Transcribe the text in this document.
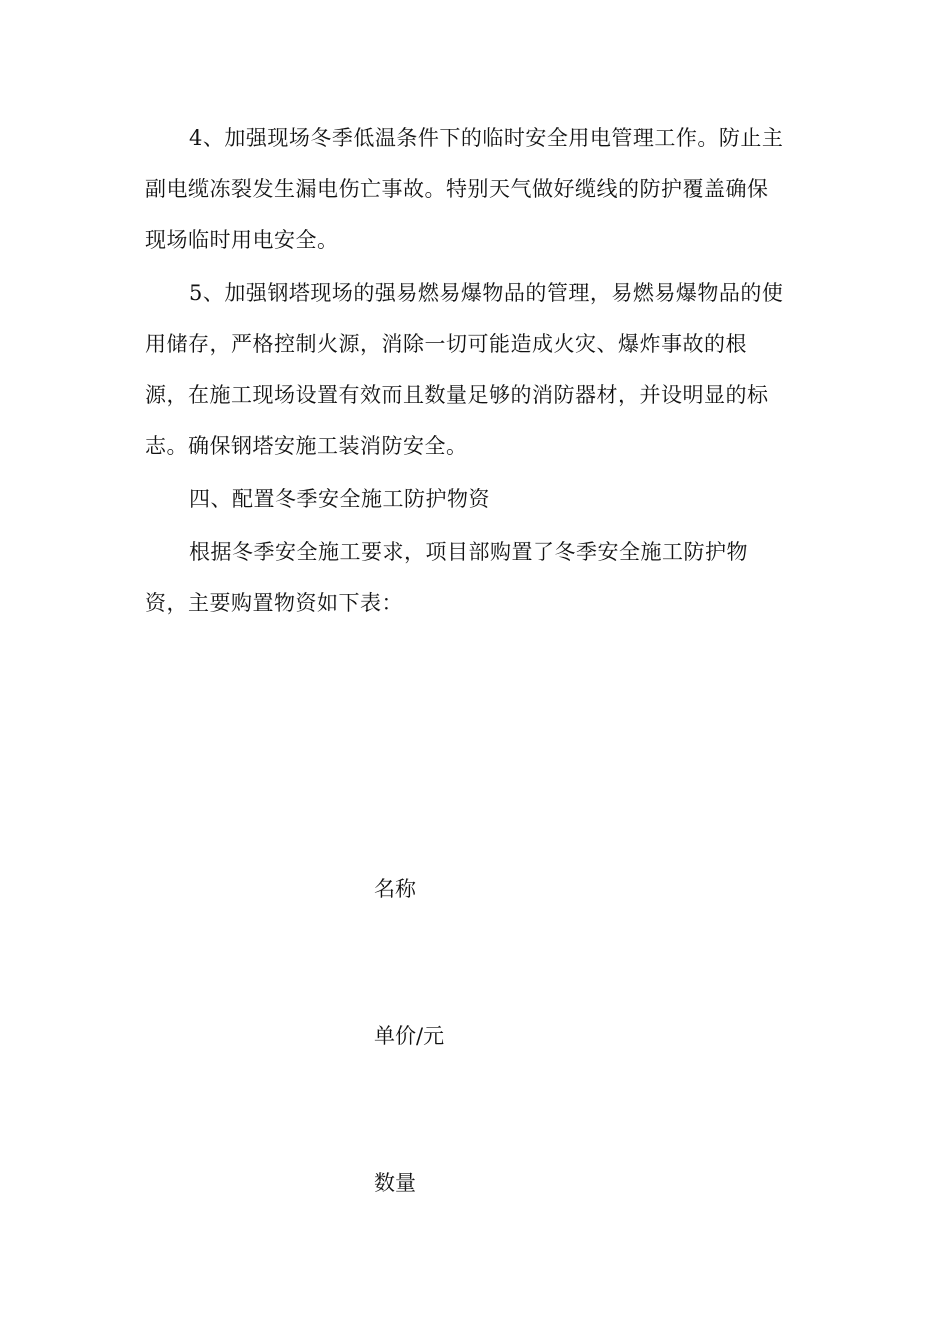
4、加强现场冬季低温条件下的临时安全用电管理工作。防止主
副电缆冻裂发生漏电伤亡事故。特别天气做好缆线的防护覆盖确保
现场临时用电安全。

5、加强钢塔现场的强易燃易爆物品的管理，易燃易爆物品的使
用储存，严格控制火源，消除一切可能造成火灾、爆炸事故的根
源，在施工现场设置有效而且数量足够的消防器材，并设明显的标
志。确保钢塔安施工装消防安全。

四、配置冬季安全施工防护物资

根据冬季安全施工要求，项目部购置了冬季安全施工防护物
资，主要购置物资如下表：

名称
单价/元
数量
